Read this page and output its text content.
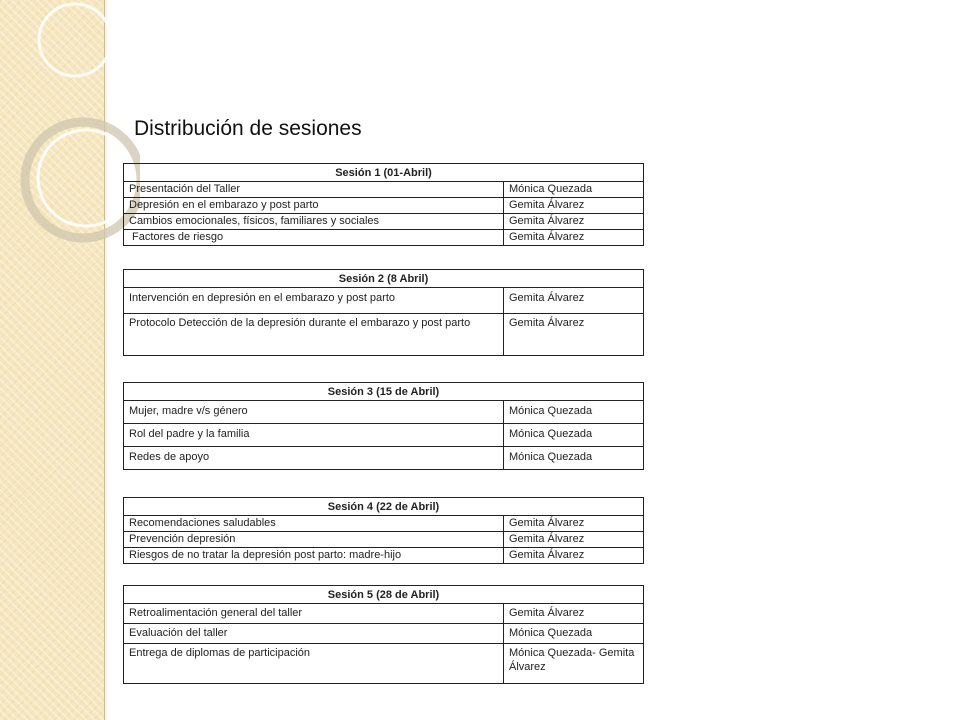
Distribución de sesiones
Sesión 1 (01-Abril)	
Presentación del Taller	Mónica Quezada
Depresión en el embarazo y post parto	Gemita Álvarez
Cambios emocionales, físicos, familiares y sociales	Gemita Álvarez
Factores de riesgo	Gemita Álvarez
Sesión 2 (8 Abril)	
Intervención en depresión en el embarazo y post parto	Gemita Álvarez
Protocolo Detección de la depresión durante el embarazo y post parto	Gemita Álvarez
Sesión 3 (15 de Abril)	
Mujer, madre v/s género	Mónica Quezada
Rol del padre y la familia	Mónica Quezada
Redes de apoyo	Mónica Quezada
Sesión 4 (22 de Abril)	
Recomendaciones saludables	Gemita Álvarez
Prevención depresión	Gemita Álvarez
Riesgos de no tratar la depresión post parto: madre-hijo	Gemita Álvarez
Sesión 5 (28 de Abril)	
Retroalimentación general del taller	Gemita Álvarez
Evaluación del taller	Mónica Quezada
Entrega de diplomas de participación	Mónica Quezada- Gemita Álvarez
